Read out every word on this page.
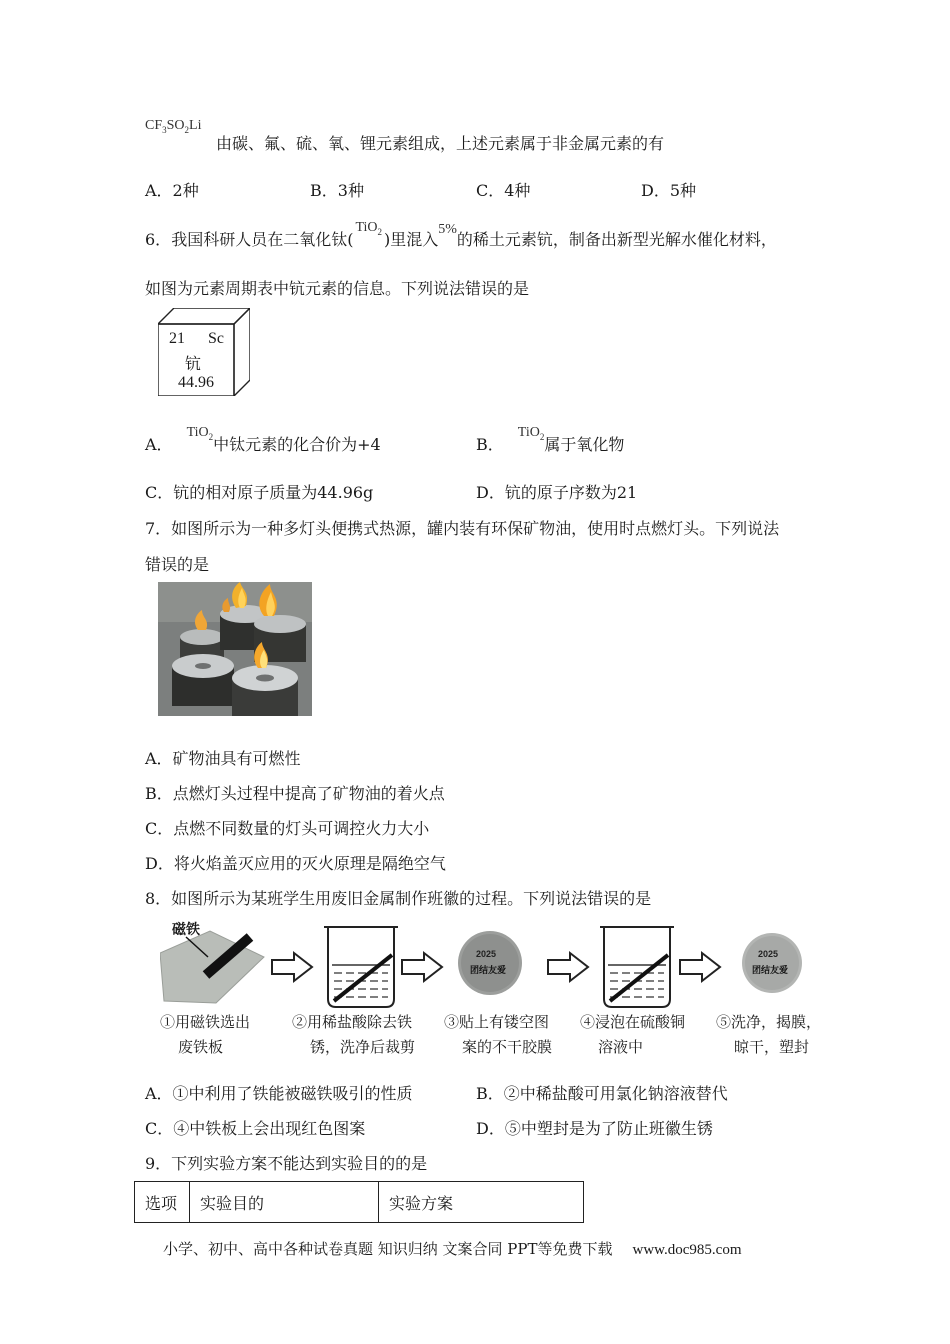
$CF_3SO_2Li$
由碳、氟、硫、氧、锂元素组成，上述元素属于非金属元素的有
A．2种	B．3种	C．4种	D．5种
6．我国科研人员在二氧化钛(TiO$_2$ )里混入5%的稀土元素钪，制备出新型光解水催化材料，
如图为元素周期表中钪元素的信息。下列说法错误的是
21 Sc
钪
44.96
A．TiO$_2$中钛元素的化合价为+4	B．TiO$_2$属于氧化物
C．钪的相对原子质量为44.96g	D．钪的原子序数为21
7．如图所示为一种多灯头便携式热源，罐内装有环保矿物油，使用时点燃灯头。下列说法
错误的是
A．矿物油具有可燃性
B．点燃灯头过程中提高了矿物油的着火点
C．点燃不同数量的灯头可调控火力大小
D．将火焰盖灭应用的灭火原理是隔绝空气
8．如图所示为某班学生用废旧金属制作班徽的过程。下列说法错误的是
磁铁
2025
团结友爱
2025
团结友爱
①用磁铁选出
废铁板
②用稀盐酸除去铁
锈，洗净后裁剪
③贴上有镂空图
案的不干胶膜
④浸泡在硫酸铜
溶液中
⑤洗净，揭膜，
晾干，塑封
A．①中利用了铁能被磁铁吸引的性质	B．②中稀盐酸可用氯化钠溶液替代
C．④中铁板上会出现红色图案	D．⑤中塑封是为了防止班徽生锈
9．下列实验方案不能达到实验目的的是
选项	实验目的	实验方案
小学、初中、高中各种试卷真题 知识归纳 文案合同 PPT等免费下载 www.doc985.com
